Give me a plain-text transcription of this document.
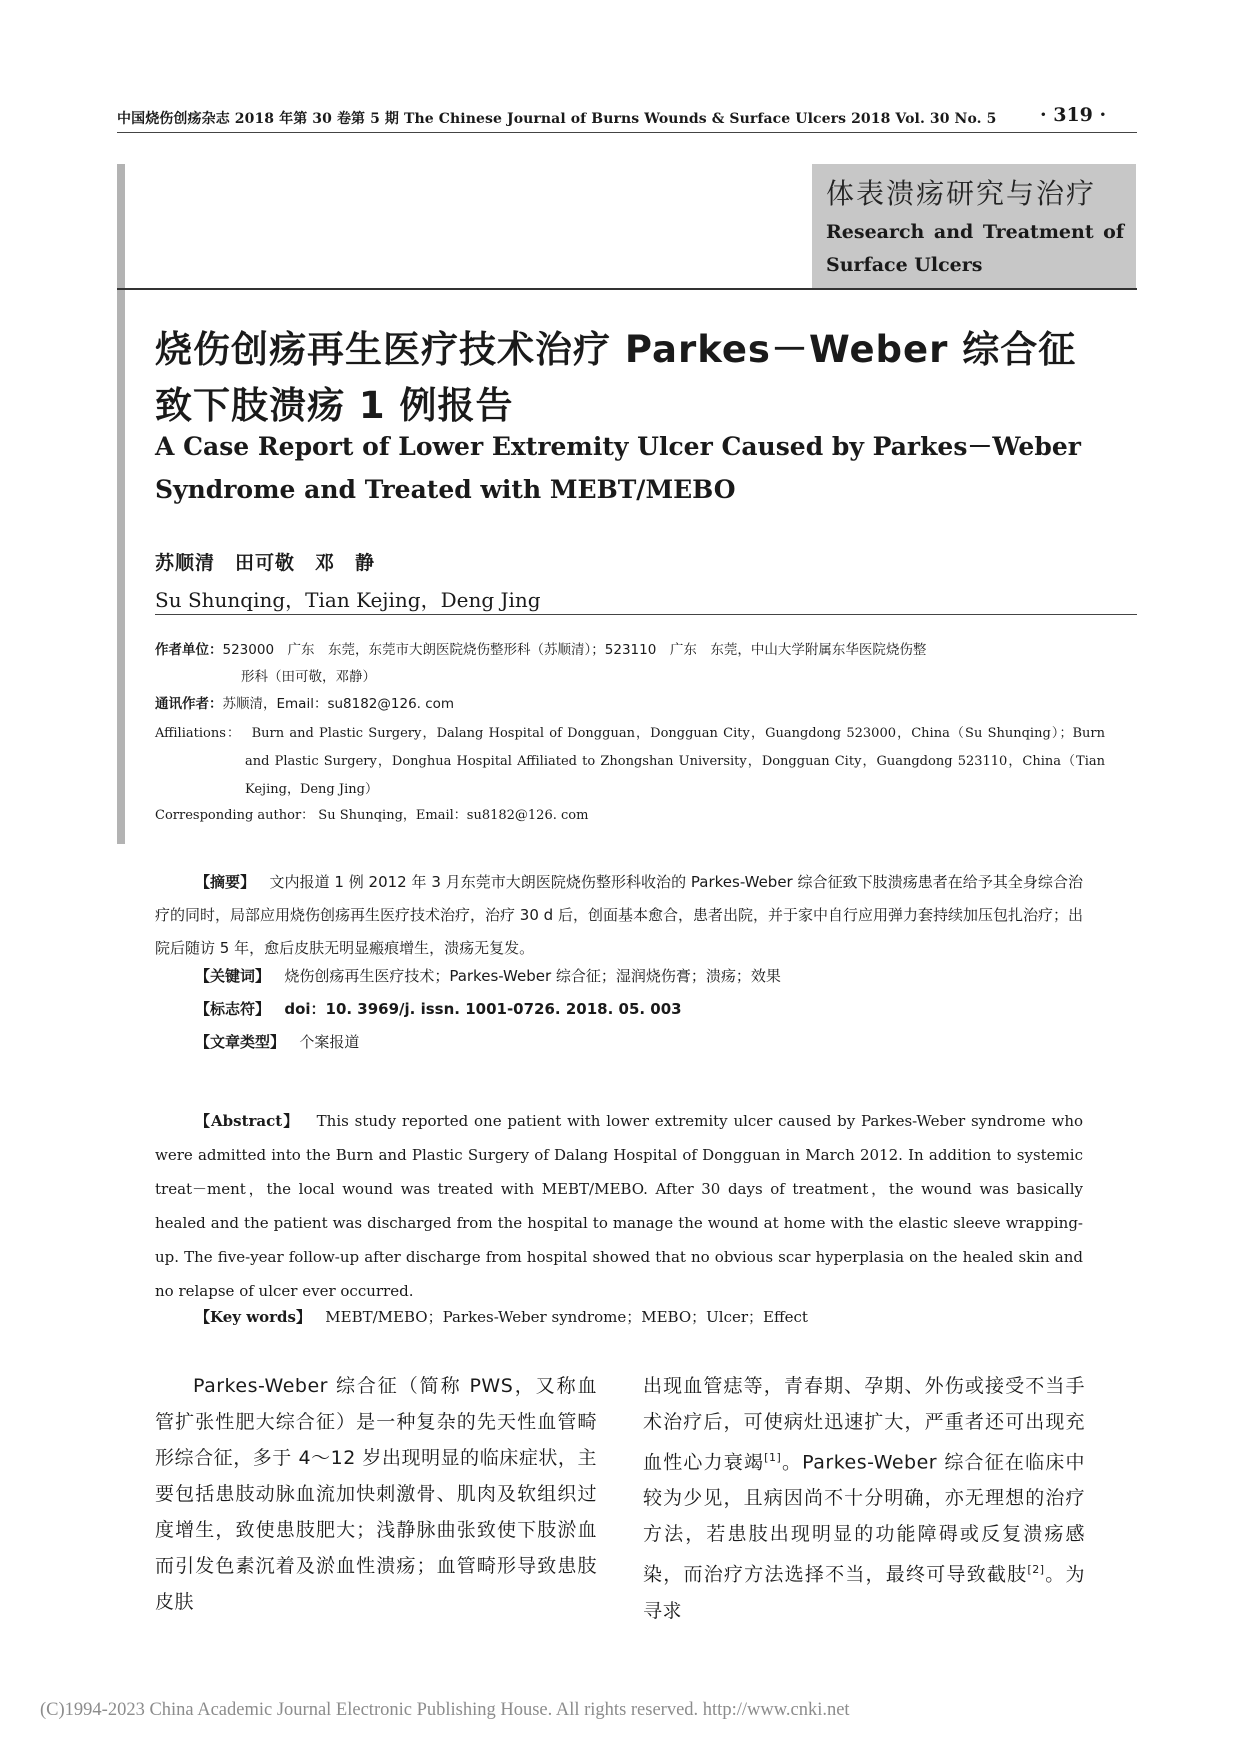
中国烧伤创疡杂志 2018 年第 30 卷第 5 期 The Chinese Journal of Burns Wounds & Surface Ulcers 2018 Vol. 30 No. 5 · 319 ·
体表溃疡研究与治疗
Research and Treatment of
Surface Ulcers
烧伤创疡再生医疗技术治疗 Parkes－Weber 综合征
致下肢溃疡 1 例报告
A Case Report of Lower Extremity Ulcer Caused by Parkes－Weber
Syndrome and Treated with MEBT/MEBO
苏顺清　田可敬　邓　静
Su Shunqing，Tian Kejing，Deng Jing
作者单位：523000　广东　东莞，东莞市大朗医院烧伤整形科（苏顺清）；523110　广东　东莞，中山大学附属东华医院烧伤整
形科（田可敬，邓静）
通讯作者：苏顺清，Email：su8182@126. com
Affiliations： Burn and Plastic Surgery，Dalang Hospital of Dongguan，Dongguan City，Guangdong 523000，China（Su Shunqing）；Burn and Plastic Surgery，Donghua Hospital Affiliated to Zhongshan University，Dongguan City，Guangdong 523110，China（Tian Kejing，Deng Jing）
Corresponding author： Su Shunqing，Email：su8182@126. com
【摘要】 文内报道 1 例 2012 年 3 月东莞市大朗医院烧伤整形科收治的 Parkes-Weber 综合征致下肢溃疡患者在给予其全身综合治疗的同时，局部应用烧伤创疡再生医疗技术治疗，治疗 30 d 后，创面基本愈合，患者出院，并于家中自行应用弹力套持续加压包扎治疗；出院后随访 5 年，愈后皮肤无明显瘢痕增生，溃疡无复发。
【关键词】 烧伤创疡再生医疗技术；Parkes-Weber 综合征；湿润烧伤膏；溃疡；效果
【标志符】 doi：10. 3969/j. issn. 1001-0726. 2018. 05. 003
【文章类型】 个案报道
【Abstract】 This study reported one patient with lower extremity ulcer caused by Parkes-Weber syndrome who were admitted into the Burn and Plastic Surgery of Dalang Hospital of Dongguan in March 2012. In addition to systemic treat－ment，the local wound was treated with MEBT/MEBO. After 30 days of treatment，the wound was basically healed and the patient was discharged from the hospital to manage the wound at home with the elastic sleeve wrapping-up. The five-year follow-up after discharge from hospital showed that no obvious scar hyperplasia on the healed skin and no relapse of ulcer ever occurred.
【Key words】 MEBT/MEBO；Parkes-Weber syndrome；MEBO；Ulcer；Effect
Parkes-Weber 综合征（简称 PWS，又称血管扩张性肥大综合征）是一种复杂的先天性血管畸形综合征，多于 4～12 岁出现明显的临床症状，主要包括患肢动脉血流加快刺激骨、肌肉及软组织过度增生，致使患肢肥大；浅静脉曲张致使下肢淤血而引发色素沉着及淤血性溃疡；血管畸形导致患肢皮肤
出现血管痣等，青春期、孕期、外伤或接受不当手术治疗后，可使病灶迅速扩大，严重者还可出现充血性心力衰竭[1]。Parkes-Weber 综合征在临床中较为少见，且病因尚不十分明确，亦无理想的治疗方法，若患肢出现明显的功能障碍或反复溃疡感染，而治疗方法选择不当，最终可导致截肢[2]。为寻求
(C)1994-2023 China Academic Journal Electronic Publishing House. All rights reserved. http://www.cnki.net
